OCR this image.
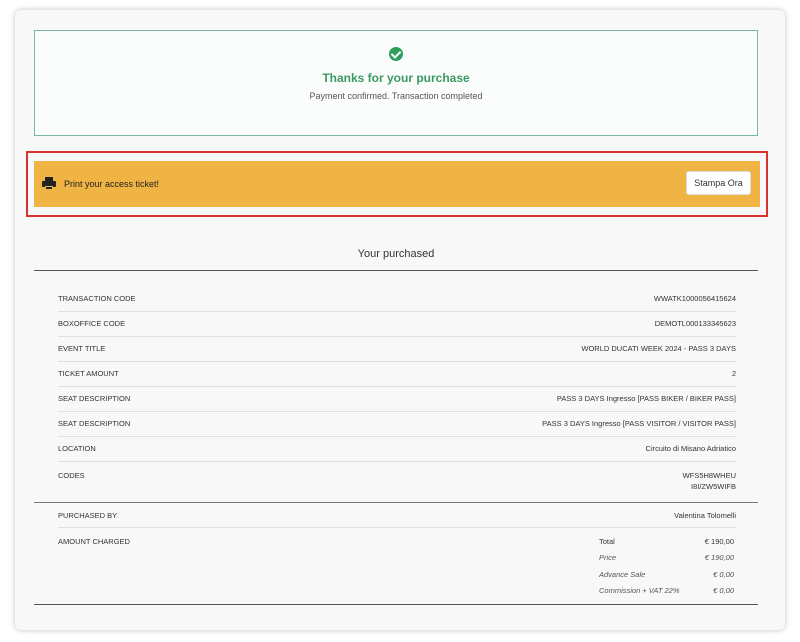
Thanks for your purchase
Payment confirmed. Transaction completed
Print your access ticket!	Stampa Ora
Your purchased
TRANSACTION CODE	WWATK1000056415624
BOXOFFICE CODE	DEMOTL000133345623
EVENT TITLE	WORLD DUCATI WEEK 2024 - PASS 3 DAYS
TICKET AMOUNT	2
SEAT DESCRIPTION	PASS 3 DAYS Ingresso [PASS BIKER / BIKER PASS]
SEAT DESCRIPTION	PASS 3 DAYS Ingresso [PASS VISITOR / VISITOR PASS]
LOCATION	Circuito di Misano Adriatico
CODES	WFS5H8WHEU
I8I/ZW5WIFB
PURCHASED BY	Valentina Tolomelli
AMOUNT CHARGED	Total	€ 190,00
Price	€ 190,00
Advance Sale	€ 0,00
Commission + VAT 22%	€ 0,00
